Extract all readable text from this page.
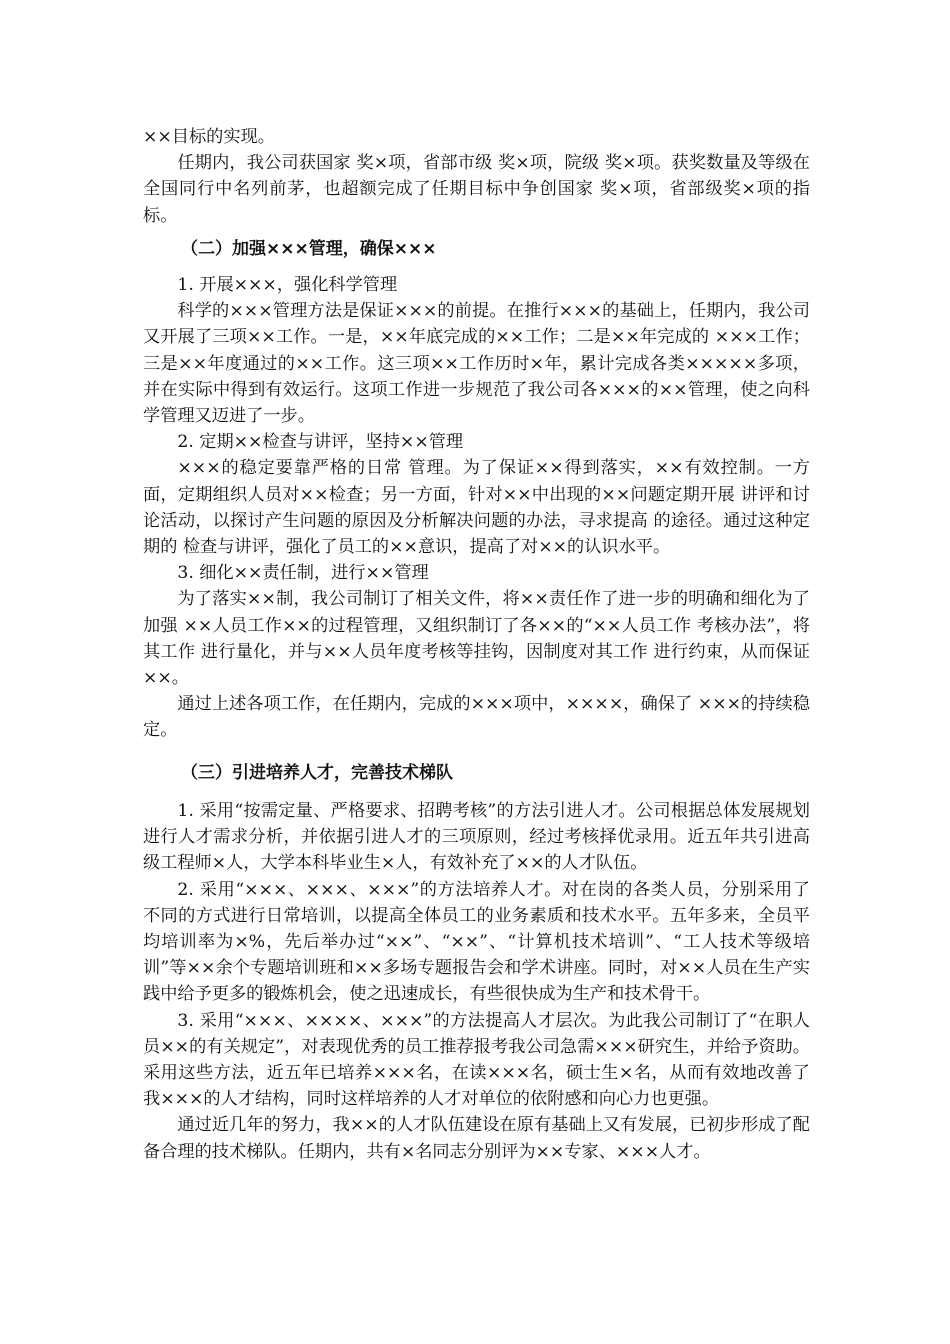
××目标的实现。

任期内，我公司获国家 奖×项，省部市级 奖×项，院级 奖×项。获奖数量及等级在全国同行中名列前茅，也超额完成了任期目标中争创国家 奖×项，省部级奖×项的指标。

（二）加强×××管理，确保×××

1. 开展×××，强化科学管理

科学的×××管理方法是保证×××的前提。在推行×××的基础上，任期内，我公司又开展了三项××工作。一是，××年底完成的××工作；二是××年完成的 ×××工作；三是××年度通过的××工作。这三项××工作历时×年，累计完成各类×××××多项，并在实际中得到有效运行。这项工作进一步规范了我公司各×××的××管理，使之向科学管理又迈进了一步。

2. 定期××检查与讲评，坚持××管理

×××的稳定要靠严格的日常 管理。为了保证××得到落实，××有效控制。一方面，定期组织人员对××检查；另一方面，针对××中出现的××问题定期开展 讲评和讨论活动，以探讨产生问题的原因及分析解决问题的办法，寻求提高 的途径。通过这种定期的 检查与讲评，强化了员工的××意识，提高了对××的认识水平。

3. 细化××责任制，进行××管理

为了落实××制，我公司制订了相关文件，将××责任作了进一步的明确和细化为了加强 ××人员工作××的过程管理，又组织制订了各××的“××人员工作 考核办法”，将其工作 进行量化，并与××人员年度考核等挂钩，因制度对其工作 进行约束，从而保证××。

通过上述各项工作，在任期内，完成的×××项中，××××，确保了 ×××的持续稳定。

（三）引进培养人才，完善技术梯队

1. 采用“按需定量、严格要求、招聘考核”的方法引进人才。公司根据总体发展规划进行人才需求分析，并依据引进人才的三项原则，经过考核择优录用。近五年共引进高级工程师×人，大学本科毕业生×人，有效补充了××的人才队伍。

2. 采用“×××、×××、×××”的方法培养人才。对在岗的各类人员，分别采用了不同的方式进行日常培训，以提高全体员工的业务素质和技术水平。五年多来，全员平均培训率为×%，先后举办过“××”、“××”、“计算机技术培训”、“工人技术等级培训”等××余个专题培训班和××多场专题报告会和学术讲座。同时，对××人员在生产实践中给予更多的锻炼机会，使之迅速成长，有些很快成为生产和技术骨干。

3. 采用“×××、××××、×××”的方法提高人才层次。为此我公司制订了“在职人员××的有关规定”，对表现优秀的员工推荐报考我公司急需×××研究生，并给予资助。采用这些方法，近五年已培养×××名，在读×××名，硕士生×名，从而有效地改善了我×××的人才结构，同时这样培养的人才对单位的依附感和向心力也更强。

通过近几年的努力，我××的人才队伍建设在原有基础上又有发展，已初步形成了配备合理的技术梯队。任期内，共有×名同志分别评为××专家、×××人才。
